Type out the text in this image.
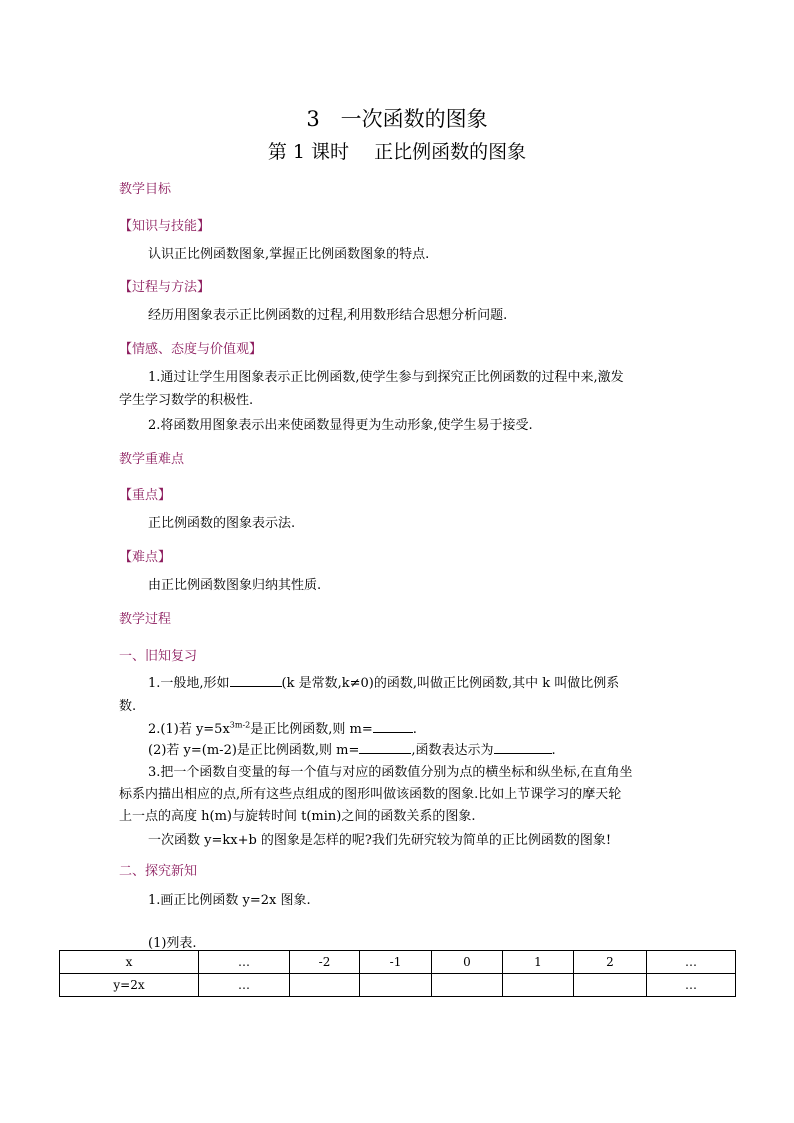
3　一次函数的图象
第 1 课时　 正比例函数的图象
教学目标
【知识与技能】
认识正比例函数图象,掌握正比例函数图象的特点.
【过程与方法】
经历用图象表示正比例函数的过程,利用数形结合思想分析问题.
【情感、态度与价值观】
1.通过让学生用图象表示正比例函数,使学生参与到探究正比例函数的过程中来,激发
学生学习数学的积极性.
2.将函数用图象表示出来使函数显得更为生动形象,使学生易于接受.
教学重难点
【重点】
正比例函数的图象表示法.
【难点】
由正比例函数图象归纳其性质.
教学过程
一、旧知复习
1.一般地,形如	(k 是常数,k≠0)的函数,叫做正比例函数,其中 k 叫做比例系
数.
2.(1)若 $y=5x^{3m-2}$是正比例函数,则 m=	.
(2)若 y=(m-2)是正比例函数,则 m=	,函数表达示为	.
3.把一个函数自变量的每一个值与对应的函数值分别为点的横坐标和纵坐标,在直角坐
标系内描出相应的点,所有这些点组成的图形叫做该函数的图象.比如上节课学习的摩天轮
上一点的高度 h(m)与旋转时间 t(min)之间的函数关系的图象.
一次函数 y=kx+b 的图象是怎样的呢?我们先研究较为简单的正比例函数的图象!
二、探究新知
1.画正比例函数 y=2x 图象.
(1)列表.
x	…	-2	-1	0	1	2	…
y=2x	…						…
